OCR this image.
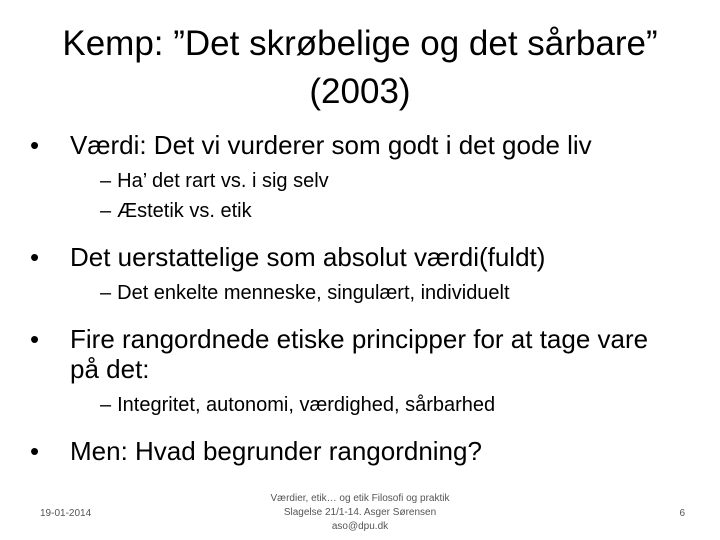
Kemp: ”Det skrøbelige og det sårbare”
(2003)
•	Værdi: Det vi vurderer som godt i det gode liv
– Ha’ det rart vs. i sig selv
– Æstetik vs. etik
•	Det uerstattelige som absolut værdi(fuldt)
– Det enkelte menneske, singulært, individuelt
•	Fire rangordnede etiske principper for at tage vare på det:
– Integritet, autonomi, værdighed, sårbarhed
•	Men: Hvad begrunder rangordning?
19-01-2014
Værdier, etik… og etik Filosofi og praktik
Slagelse 21/1-14. Asger Sørensen
aso@dpu.dk
6
